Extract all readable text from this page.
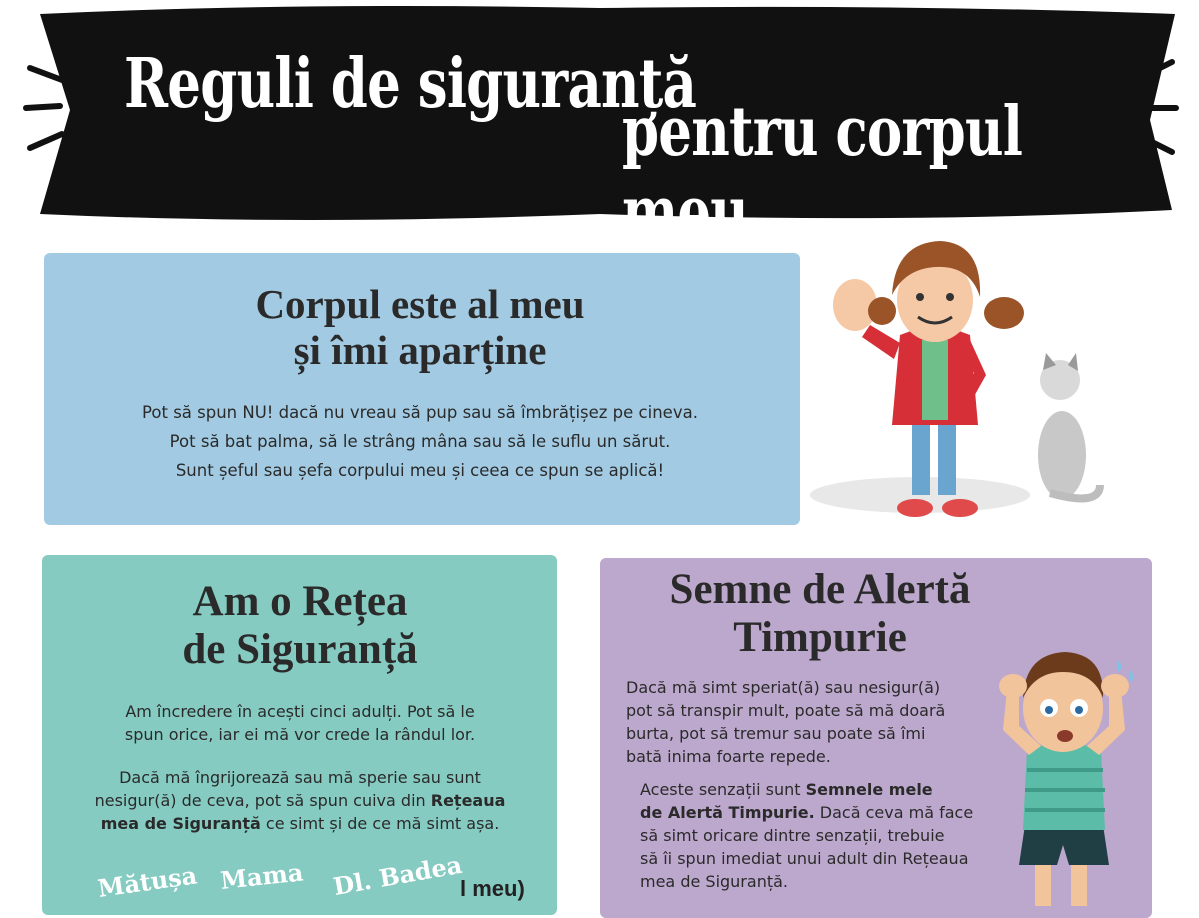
Reguli de siguranță
pentru corpul meu
Corpul este al meu
și îmi aparține
Pot să spun NU! dacă nu vreau să pup sau să îmbrățișez pe cineva.
Pot să bat palma, să le strâng mâna sau să le suflu un sărut.
Sunt șeful sau șefa corpului meu și ceea ce spun se aplică!
Am o Rețea
de Siguranță
Am încredere în acești cinci adulți. Pot să le
spun orice, iar ei mă vor crede la rândul lor.
Dacă mă îngrijorează sau mă sperie sau sunt
nesigur(ă) de ceva, pot să spun cuiva din Rețeaua
mea de Siguranță ce simt și de ce mă simt așa.
Mătușa Mama Dl. Badea
l meu)
Semne de Alertă
Timpurie
Dacă mă simt speriat(ă) sau nesigur(ă)
pot să transpir mult, poate să mă doară
burta, pot să tremur sau poate să îmi
bată inima foarte repede.
Aceste senzații sunt Semnele mele
de Alertă Timpurie. Dacă ceva mă face
să simt oricare dintre senzații, trebuie
să îi spun imediat unui adult din Rețeaua
mea de Siguranță.
